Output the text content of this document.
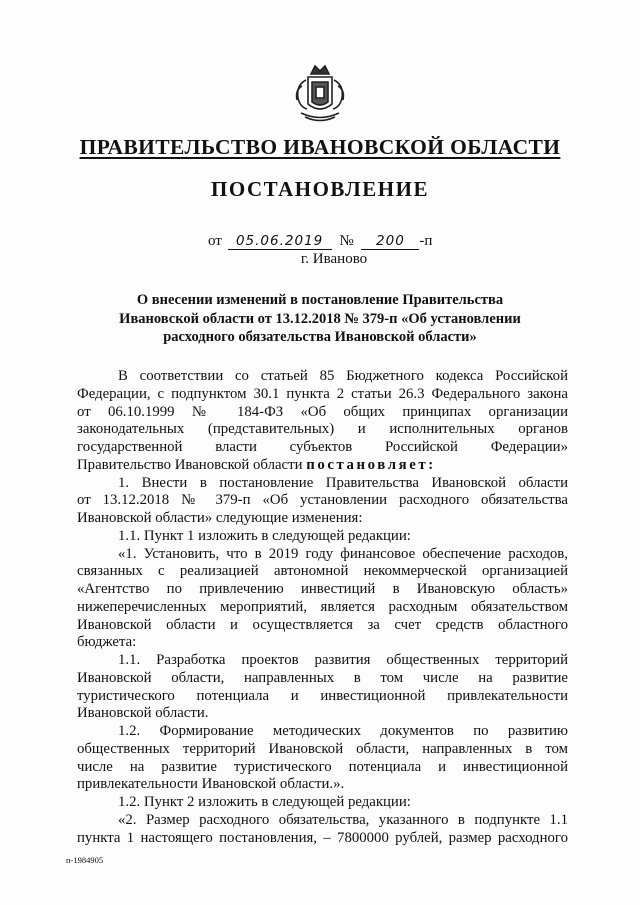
ПРАВИТЕЛЬСТВО ИВАНОВСКОЙ ОБЛАСТИ
ПОСТАНОВЛЕНИЕ
от 05.06.2019 № 200 -п
г. Иваново
О внесении изменений в постановление Правительства
Ивановской области от 13.12.2018 № 379-п «Об установлении
расходного обязательства Ивановской области»

В соответствии со статьей 85 Бюджетного кодекса Российской

Федерации, с подпунктом 30.1 пункта 2 статьи 26.3 Федерального закона

от 06.10.1999 № 184-ФЗ «Об общих принципах организации

законодательных (представительных) и исполнительных органов

государственной власти субъектов Российской Федерации»

Правительство Ивановской области постановляет:

1. Внести в постановление Правительства Ивановской области

от 13.12.2018 № 379-п «Об установлении расходного обязательства

Ивановской области» следующие изменения:

1.1. Пункт 1 изложить в следующей редакции:

«1. Установить, что в 2019 году финансовое обеспечение расходов,

связанных с реализацией автономной некоммерческой организацией

«Агентство по привлечению инвестиций в Ивановскую область»

нижеперечисленных мероприятий, является расходным обязательством

Ивановской области и осуществляется за счет средств областного

бюджета:

1.1. Разработка проектов развития общественных территорий

Ивановской области, направленных в том числе на развитие

туристического потенциала и инвестиционной привлекательности

Ивановской области.

1.2. Формирование методических документов по развитию

общественных территорий Ивановской области, направленных в том

числе на развитие туристического потенциала и инвестиционной

привлекательности Ивановской области.».

1.2. Пункт 2 изложить в следующей редакции:

«2. Размер расходного обязательства, указанного в подпункте 1.1

пункта 1 настоящего постановления, – 7800000 рублей, размер расходного

п-1984905
